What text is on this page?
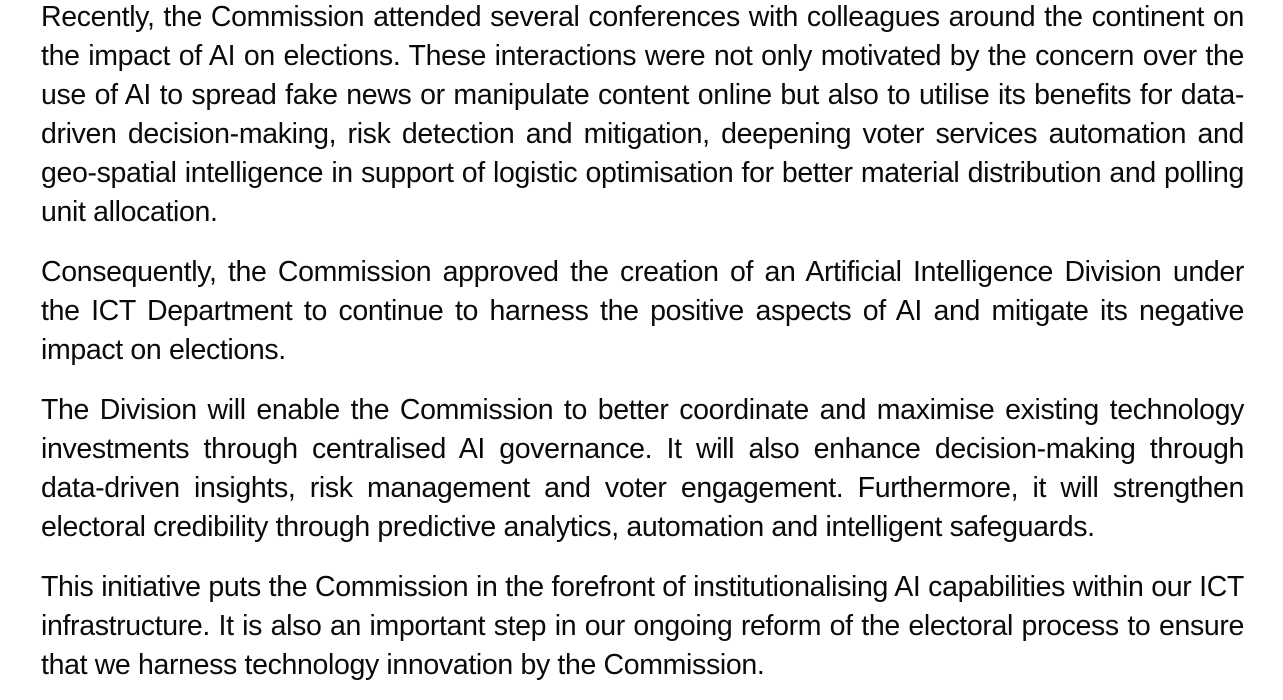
Recently, the Commission attended several conferences with colleagues around the continent on the impact of AI on elections. These interactions were not only motivated by the concern over the use of AI to spread fake news or manipulate content online but also to utilise its benefits for data-driven decision-making, risk detection and mitigation, deepening voter services automation and geo-spatial intelligence in support of logistic optimisation for better material distribution and polling unit allocation.

Consequently, the Commission approved the creation of an Artificial Intelligence Division under the ICT Department to continue to harness the positive aspects of AI and mitigate its negative impact on elections.

The Division will enable the Commission to better coordinate and maximise existing technology investments through centralised AI governance. It will also enhance decision-making through data-driven insights, risk management and voter engagement. Furthermore, it will strengthen electoral credibility through predictive analytics, automation and intelligent safeguards.

This initiative puts the Commission in the forefront of institutionalising AI capabilities within our ICT infrastructure. It is also an important step in our ongoing reform of the electoral process to ensure that we harness technology innovation by the Commission.
